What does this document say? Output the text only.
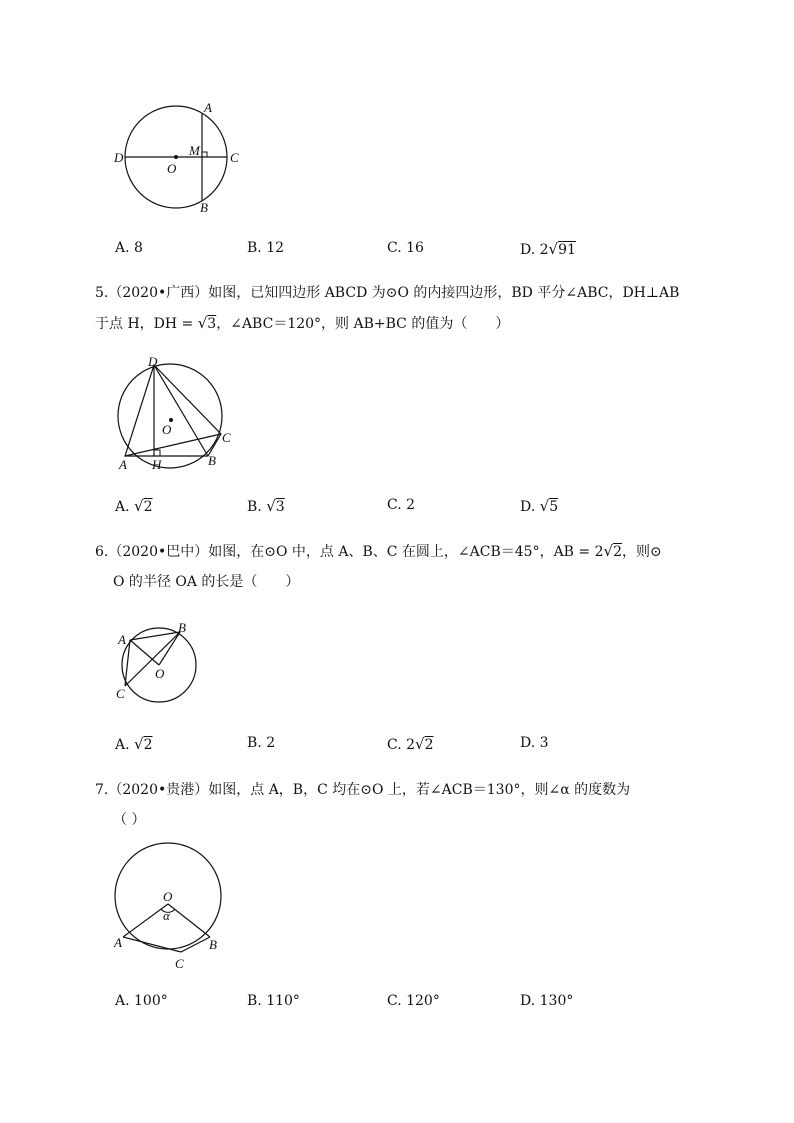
A
B
C
D
O
M
A. 8	B. 12	C. 16	D. 2√91
5.（2020•广西）如图，已知四边形 ABCD 为⊙O 的内接四边形，BD 平分∠ABC，DH⊥AB
于点 H，DH = √3，∠ABC＝120°，则 AB+BC 的值为（　　）
D
O
C
B
A H
A. √2	B. √3	C. 2	D. √5
6.（2020•巴中）如图，在⊙O 中，点 A、B、C 在圆上，∠ACB＝45°，AB = 2√2，则⊙
O 的半径 OA 的长是（　　）
A
B
C
O
A. √2	B. 2	C. 2√2	D. 3
7.（2020•贵港）如图，点 A，B，C 均在⊙O 上，若∠ACB＝130°，则∠α 的度数为
（ ）
O
α
A	B
C
A. 100°	B. 110°	C. 120°	D. 130°
